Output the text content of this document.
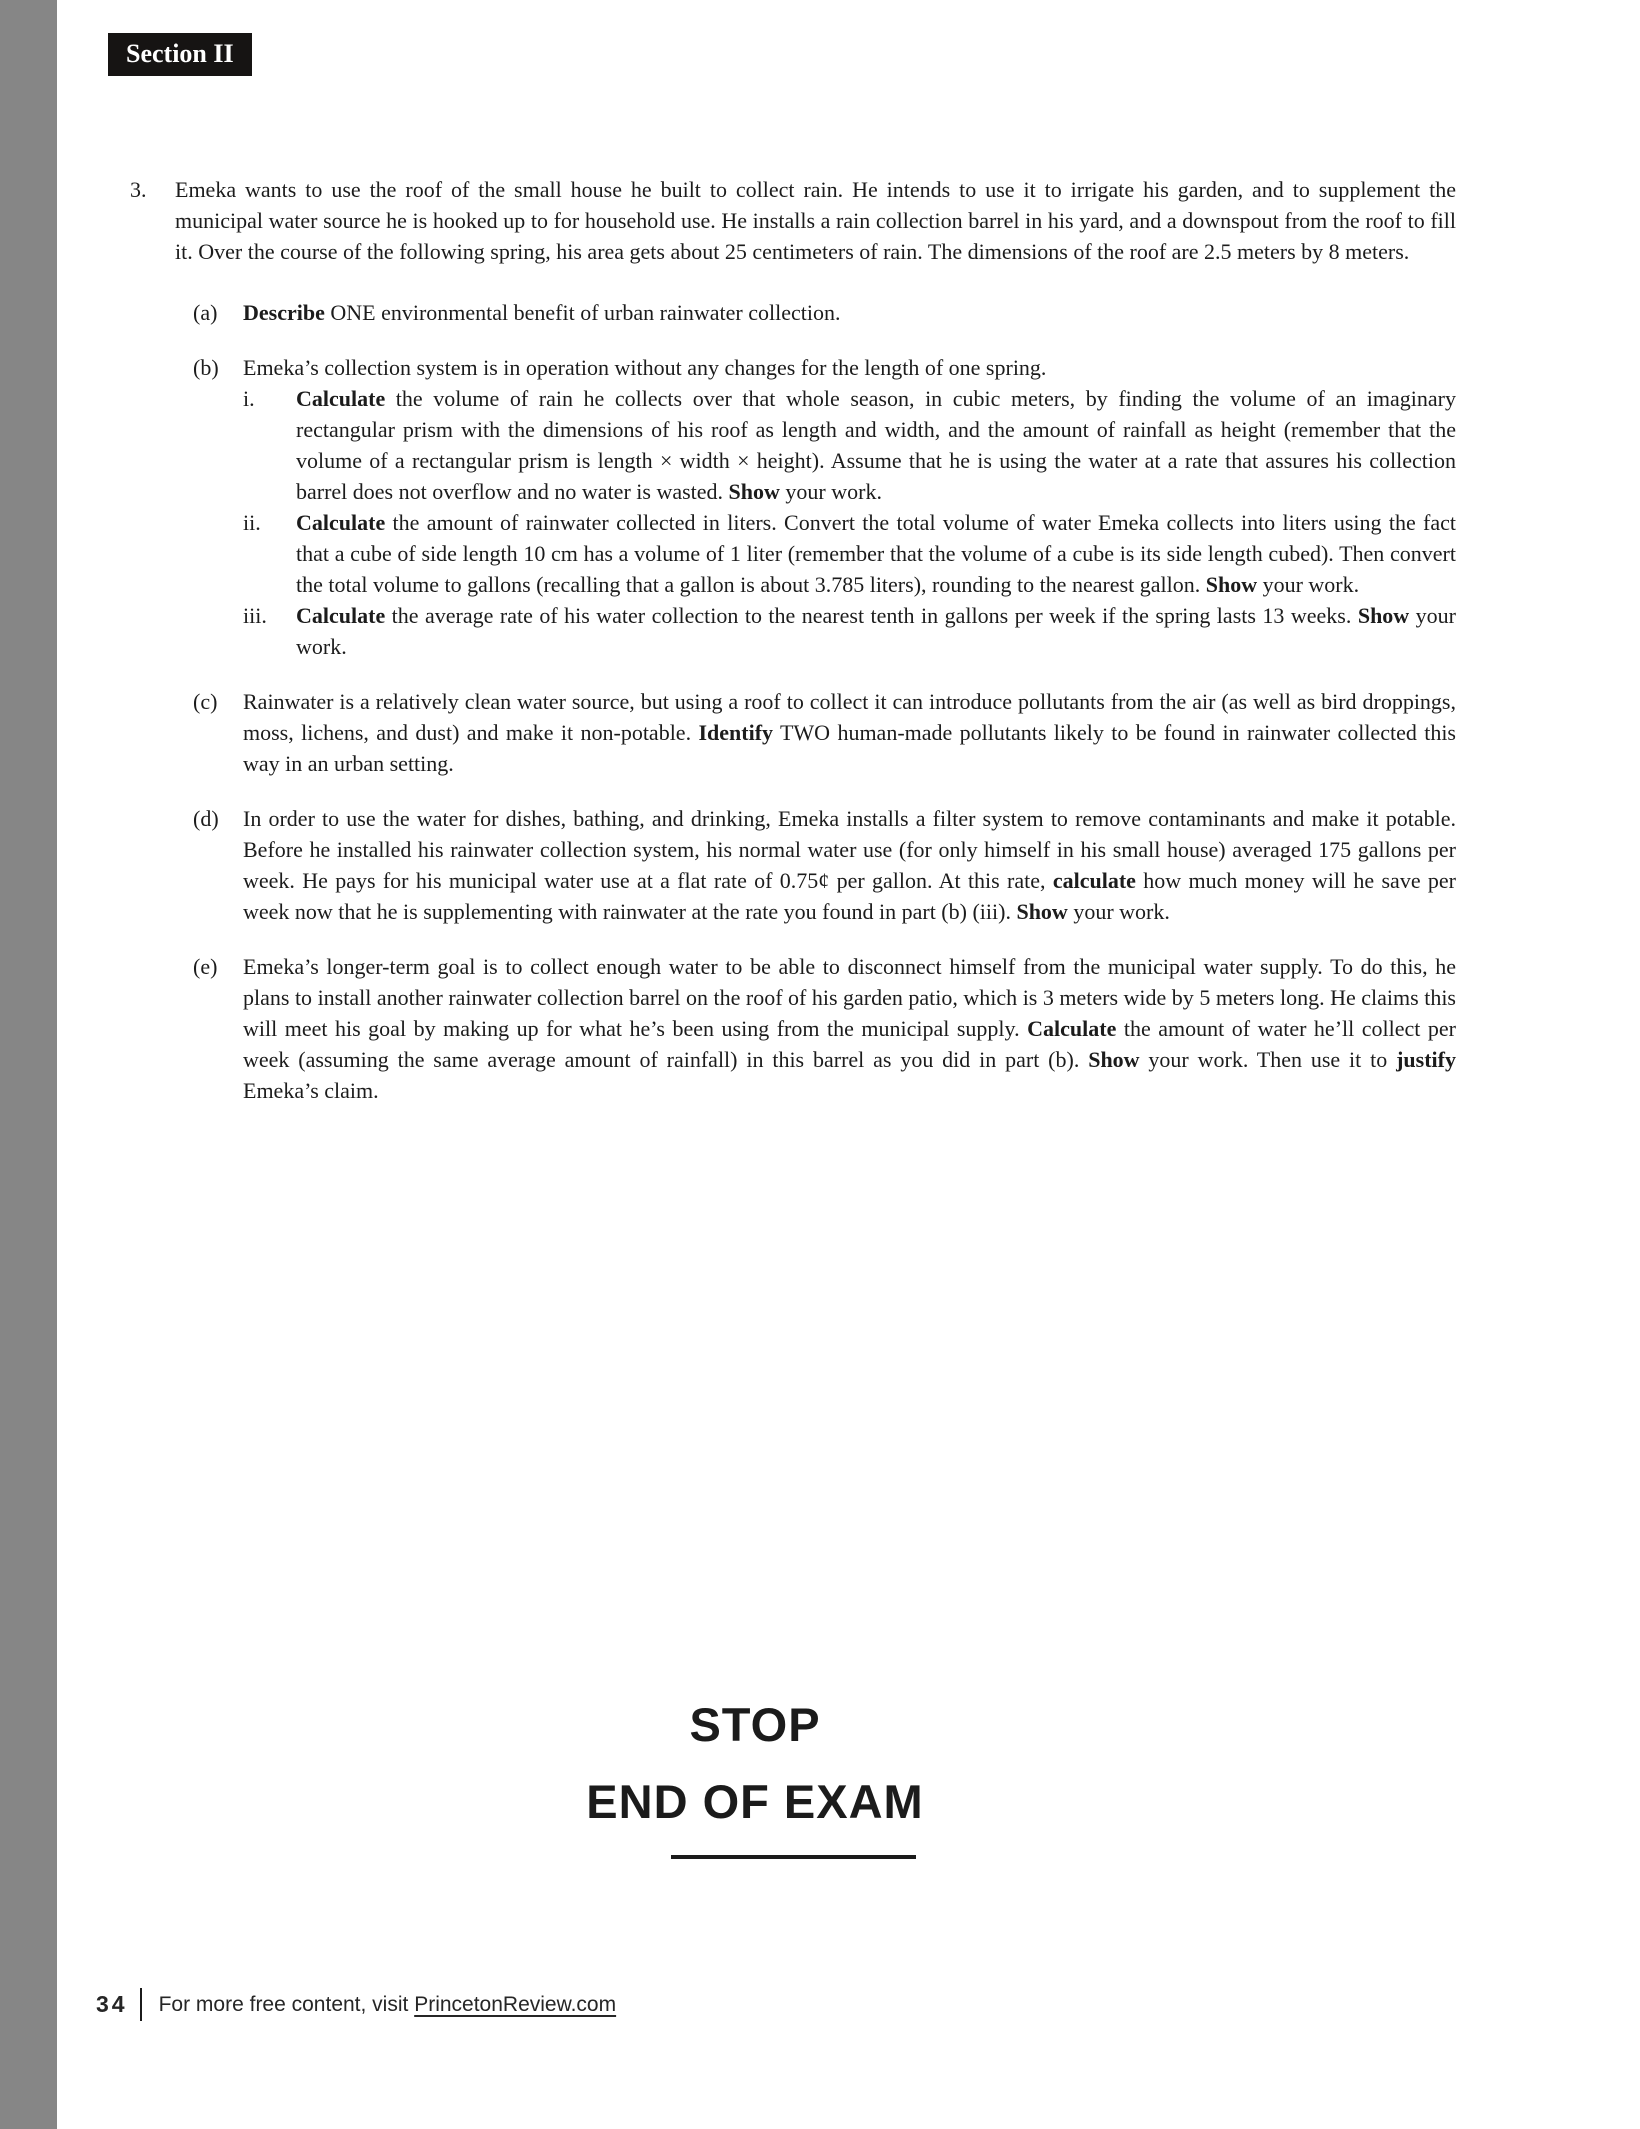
Section II
3.	Emeka wants to use the roof of the small house he built to collect rain. He intends to use it to irrigate his garden, and to supplement the municipal water source he is hooked up to for household use. He installs a rain collection barrel in his yard, and a downspout from the roof to fill it. Over the course of the following spring, his area gets about 25 centimeters of rain. The dimensions of the roof are 2.5 meters by 8 meters.
(a)	Describe ONE environmental benefit of urban rainwater collection.
(b)	Emeka’s collection system is in operation without any changes for the length of one spring.
i.	Calculate the volume of rain he collects over that whole season, in cubic meters, by finding the volume of an imaginary rectangular prism with the dimensions of his roof as length and width, and the amount of rainfall as height (remember that the volume of a rectangular prism is length × width × height). Assume that he is using the water at a rate that assures his collection barrel does not overflow and no water is wasted. Show your work.
ii.	Calculate the amount of rainwater collected in liters. Convert the total volume of water Emeka collects into liters using the fact that a cube of side length 10 cm has a volume of 1 liter (remember that the volume of a cube is its side length cubed). Then convert the total volume to gallons (recalling that a gallon is about 3.785 liters), rounding to the nearest gallon. Show your work.
iii.	Calculate the average rate of his water collection to the nearest tenth in gallons per week if the spring lasts 13 weeks. Show your work.
(c)	Rainwater is a relatively clean water source, but using a roof to collect it can introduce pollutants from the air (as well as bird droppings, moss, lichens, and dust) and make it non-potable. Identify TWO human-made pollutants likely to be found in rainwater collected this way in an urban setting.
(d)	In order to use the water for dishes, bathing, and drinking, Emeka installs a filter system to remove contaminants and make it potable. Before he installed his rainwater collection system, his normal water use (for only himself in his small house) averaged 175 gallons per week. He pays for his municipal water use at a flat rate of 0.75¢ per gallon. At this rate, calculate how much money will he save per week now that he is supplementing with rainwater at the rate you found in part (b) (iii). Show your work.
(e)	Emeka’s longer-term goal is to collect enough water to be able to disconnect himself from the municipal water supply. To do this, he plans to install another rainwater collection barrel on the roof of his garden patio, which is 3 meters wide by 5 meters long. He claims this will meet his goal by making up for what he’s been using from the municipal supply. Calculate the amount of water he’ll collect per week (assuming the same average amount of rainfall) in this barrel as you did in part (b). Show your work. Then use it to justify Emeka’s claim.
STOP
END OF EXAM
34 For more free content, visit PrincetonReview.com
